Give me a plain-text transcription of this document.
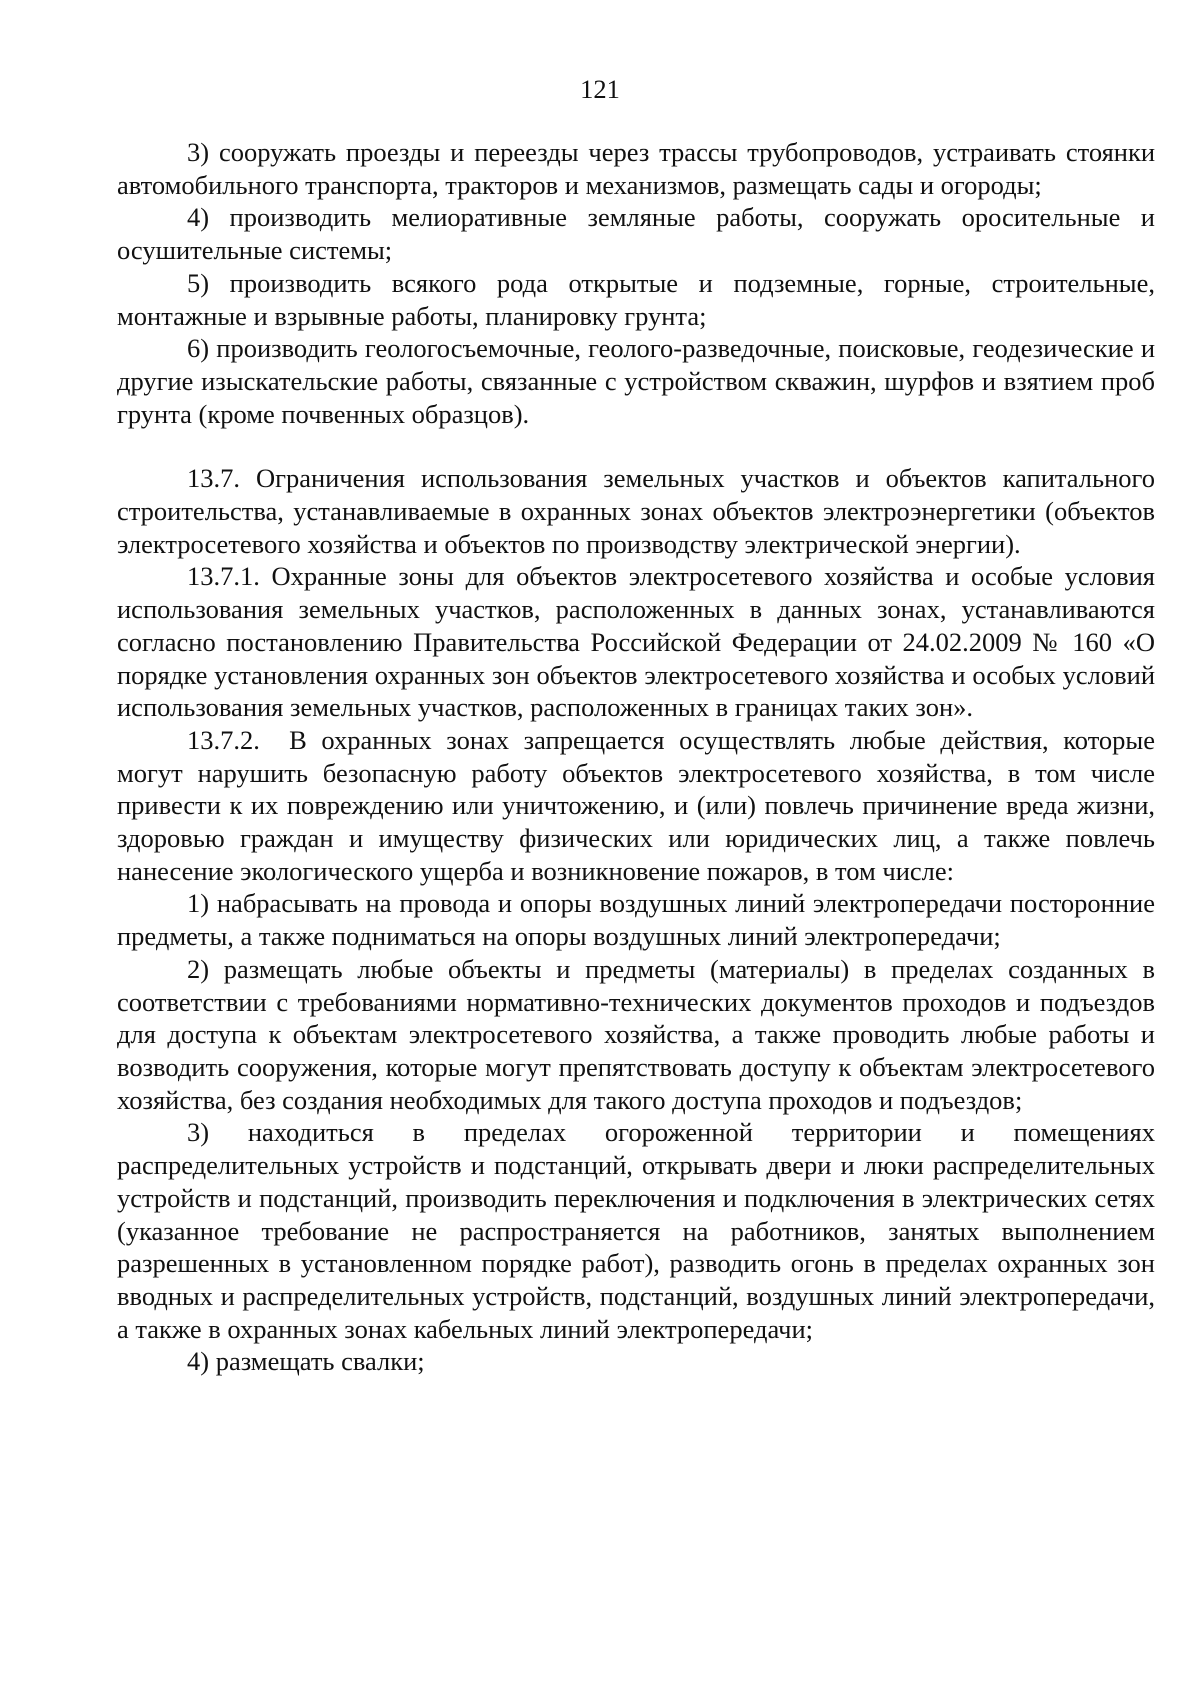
121

3) сооружать проезды и переезды через трассы трубопроводов, устраивать стоянки автомобильного транспорта, тракторов и механизмов, размещать сады и огороды;

4) производить мелиоративные земляные работы, сооружать оросительные и осушительные системы;

5) производить всякого рода открытые и подземные, горные, строительные, монтажные и взрывные работы, планировку грунта;

6) производить геологосъемочные, геолого-разведочные, поисковые, геодезические и другие изыскательские работы, связанные с устройством скважин, шурфов и взятием проб грунта (кроме почвенных образцов).

13.7. Ограничения использования земельных участков и объектов капитального строительства, устанавливаемые в охранных зонах объектов электроэнергетики (объектов электросетевого хозяйства и объектов по производству электрической энергии).

13.7.1. Охранные зоны для объектов электросетевого хозяйства и особые условия использования земельных участков, расположенных в данных зонах, устанавливаются согласно постановлению Правительства Российской Федерации от 24.02.2009 № 160 «О порядке установления охранных зон объектов электросетевого хозяйства и особых условий использования земельных участков, расположенных в границах таких зон».

13.7.2.  В охранных зонах запрещается осуществлять любые действия, которые могут нарушить безопасную работу объектов электросетевого хозяйства, в том числе привести к их повреждению или уничтожению, и (или) повлечь причинение вреда жизни, здоровью граждан и имуществу физических или юридических лиц, а также повлечь нанесение экологического ущерба и возникновение пожаров, в том числе:

1) набрасывать на провода и опоры воздушных линий электропередачи посторонние предметы, а также подниматься на опоры воздушных линий электропередачи;

2) размещать любые объекты и предметы (материалы) в пределах созданных в соответствии с требованиями нормативно-технических документов проходов и подъездов для доступа к объектам электросетевого хозяйства, а также проводить любые работы и возводить сооружения, которые могут препятствовать доступу к объектам электросетевого хозяйства, без создания необходимых для такого доступа проходов и подъездов;

3) находиться в пределах огороженной территории и помещениях распределительных устройств и подстанций, открывать двери и люки распределительных устройств и подстанций, производить переключения и подключения в электрических сетях (указанное требование не распространяется на работников, занятых выполнением разрешенных в установленном порядке работ), разводить огонь в пределах охранных зон вводных и распределительных устройств, подстанций, воздушных линий электропередачи, а также в охранных зонах кабельных линий электропередачи;

4) размещать свалки;
